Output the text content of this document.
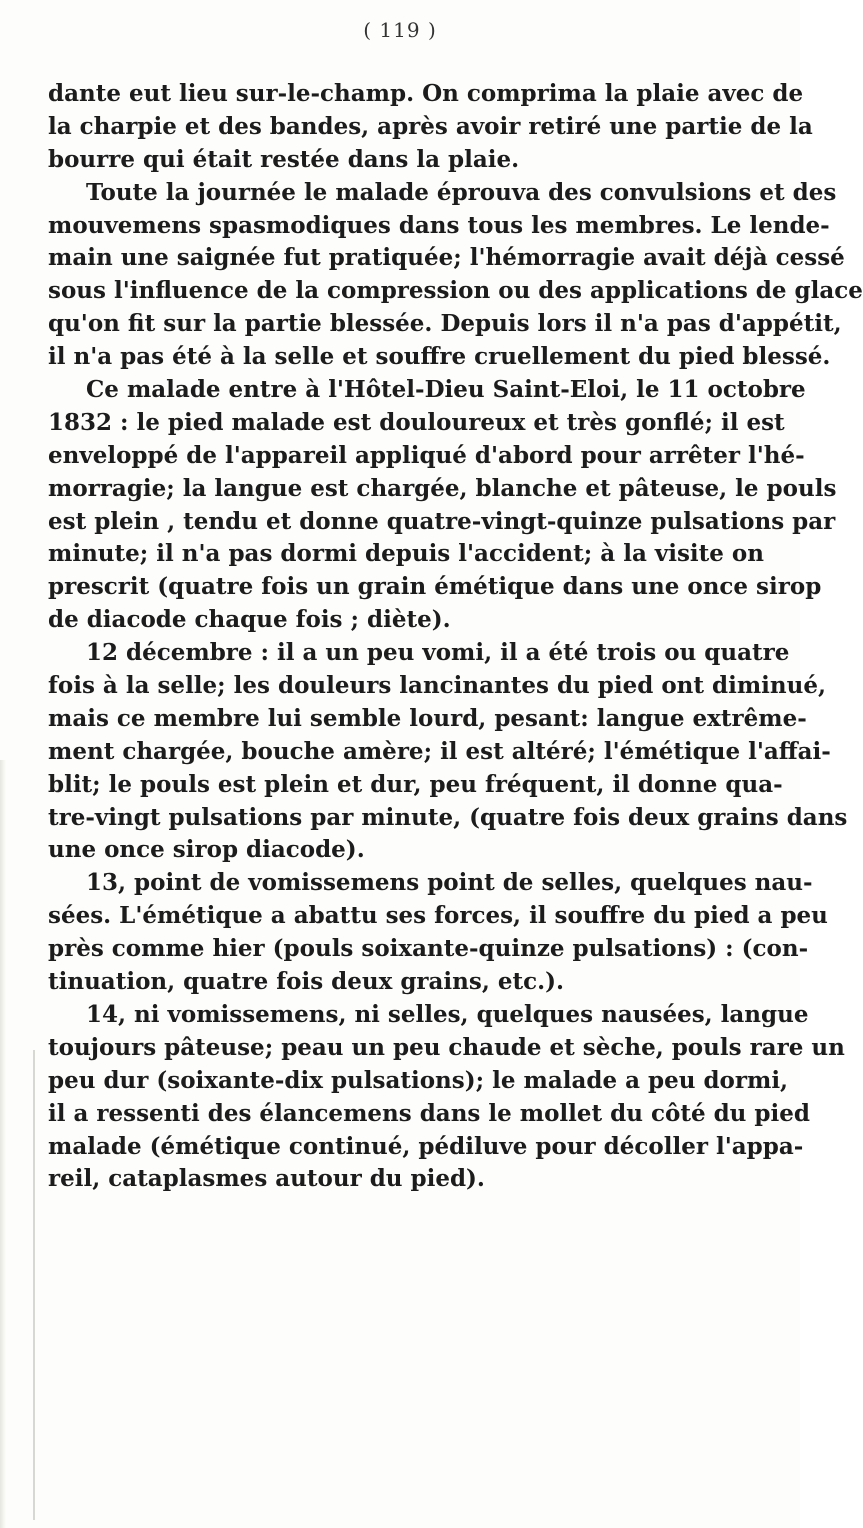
( 119 )
dante eut lieu sur-le-champ. On comprima la plaie avec de
la charpie et des bandes, après avoir retiré une partie de la
bourre qui était restée dans la plaie.
Toute la journée le malade éprouva des convulsions et des
mouvemens spasmodiques dans tous les membres. Le lende-
main une saignée fut pratiquée; l'hémorragie avait déjà cessé
sous l'influence de la compression ou des applications de glace
qu'on fit sur la partie blessée. Depuis lors il n'a pas d'appétit,
il n'a pas été à la selle et souffre cruellement du pied blessé.
Ce malade entre à l'Hôtel-Dieu Saint-Eloi, le 11 octobre
1832 : le pied malade est douloureux et très gonflé; il est
enveloppé de l'appareil appliqué d'abord pour arrêter l'hé-
morragie; la langue est chargée, blanche et pâteuse, le pouls
est plein , tendu et donne quatre-vingt-quinze pulsations par
minute; il n'a pas dormi depuis l'accident; à la visite on
prescrit (quatre fois un grain émétique dans une once sirop
de diacode chaque fois ; diète).
12 décembre : il a un peu vomi, il a été trois ou quatre
fois à la selle; les douleurs lancinantes du pied ont diminué,
mais ce membre lui semble lourd, pesant: langue extrême-
ment chargée, bouche amère; il est altéré; l'émétique l'affai-
blit; le pouls est plein et dur, peu fréquent, il donne qua-
tre-vingt pulsations par minute, (quatre fois deux grains dans
une once sirop diacode).
13, point de vomissemens point de selles, quelques nau-
sées. L'émétique a abattu ses forces, il souffre du pied a peu
près comme hier (pouls soixante-quinze pulsations) : (con-
tinuation, quatre fois deux grains, etc.).
14, ni vomissemens, ni selles, quelques nausées, langue
toujours pâteuse; peau un peu chaude et sèche, pouls rare un
peu dur (soixante-dix pulsations); le malade a peu dormi,
il a ressenti des élancemens dans le mollet du côté du pied
malade (émétique continué, pédiluve pour décoller l'appa-
reil, cataplasmes autour du pied).
